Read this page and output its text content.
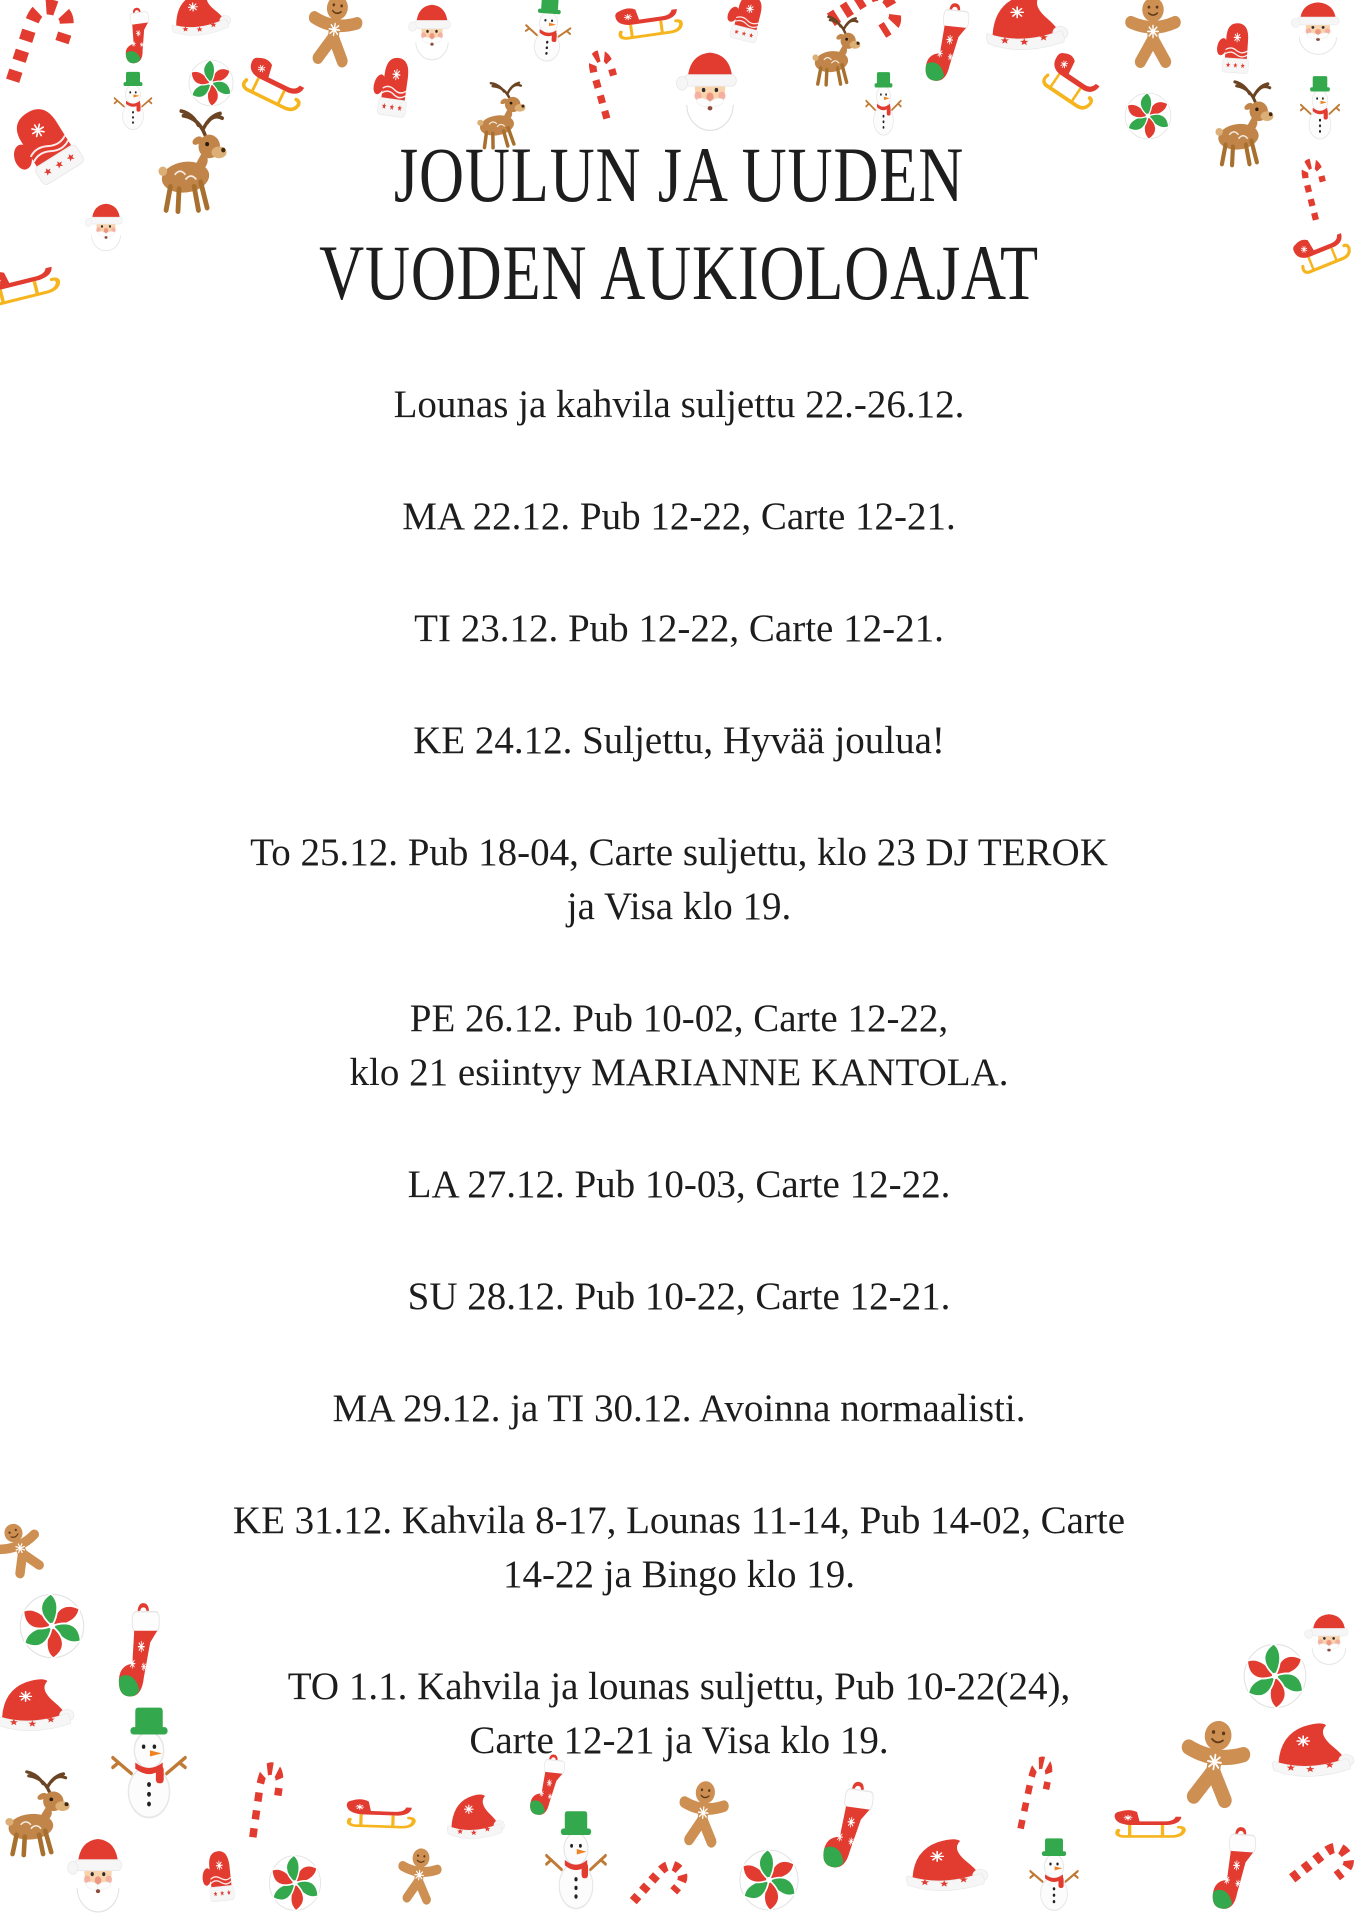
JOULUN JA UUDEN
VUODEN AUKIOLOAJAT

Lounas ja kahvila suljettu 22.-26.12.

MA 22.12. Pub 12-22, Carte 12-21.

TI 23.12. Pub 12-22, Carte 12-21.

KE 24.12. Suljettu, Hyvää joulua!

To 25.12. Pub 18-04, Carte suljettu, klo 23 DJ TEROK
ja Visa klo 19.

PE 26.12. Pub 10-02, Carte 12-22,
klo 21 esiintyy MARIANNE KANTOLA.

LA 27.12. Pub 10-03, Carte 12-22.

SU 28.12. Pub 10-22, Carte 12-21.

MA 29.12. ja TI 30.12. Avoinna normaalisti.

KE 31.12. Kahvila 8-17, Lounas 11-14, Pub 14-02, Carte
14-22 ja Bingo klo 19.

TO 1.1. Kahvila ja lounas suljettu, Pub 10-22(24),
Carte 12-21 ja Visa klo 19.
